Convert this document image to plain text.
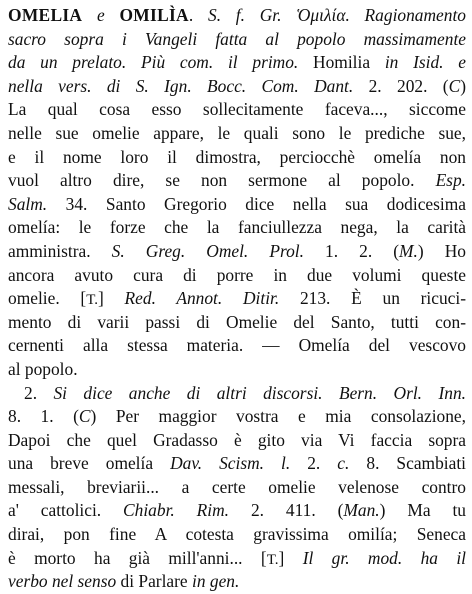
OMELIA e OMILÌA. S. f. Gr. Ὁμιλία. Ragionamento
sacro sopra i Vangeli fatta al popolo massimamente
da un prelato. Più com. il primo. Homilia in Isid. e
nella vers. di S. Ign. Bocc. Com. Dant. 2. 202. (C)
La qual cosa esso sollecitamente faceva..., siccome
nelle sue omelie appare, le quali sono le prediche sue,
e il nome loro il dimostra, perciocchè omelía non
vuol altro dire, se non sermone al popolo. Esp.
Salm. 34. Santo Gregorio dice nella sua dodicesima
omelía: le forze che la fanciullezza nega, la carità
amministra. S. Greg. Omel. Prol. 1. 2. (M.) Ho
ancora avuto cura di porre in due volumi queste
omelie. [T.] Red. Annot. Ditir. 213. È un ricuci-
mento di varii passi di Omelie del Santo, tutti con-
cernenti alla stessa materia. — Omelía del vescovo
al popolo.
2. Si dice anche di altri discorsi. Bern. Orl. Inn.
8. 1. (C) Per maggior vostra e mia consolazione,
Dapoi che quel Gradasso è gito via Vi faccia sopra
una breve omelía Dav. Scism. l. 2. c. 8. Scambiati
messali, breviarii... a certe omelie velenose contro
a' cattolici. Chiabr. Rim. 2. 411. (Man.) Ma tu
dirai, pon fine A cotesta gravissima omilía; Seneca
è morto ha già mill'anni... [T.] Il gr. mod. ha il
verbo nel senso di Parlare in gen.
